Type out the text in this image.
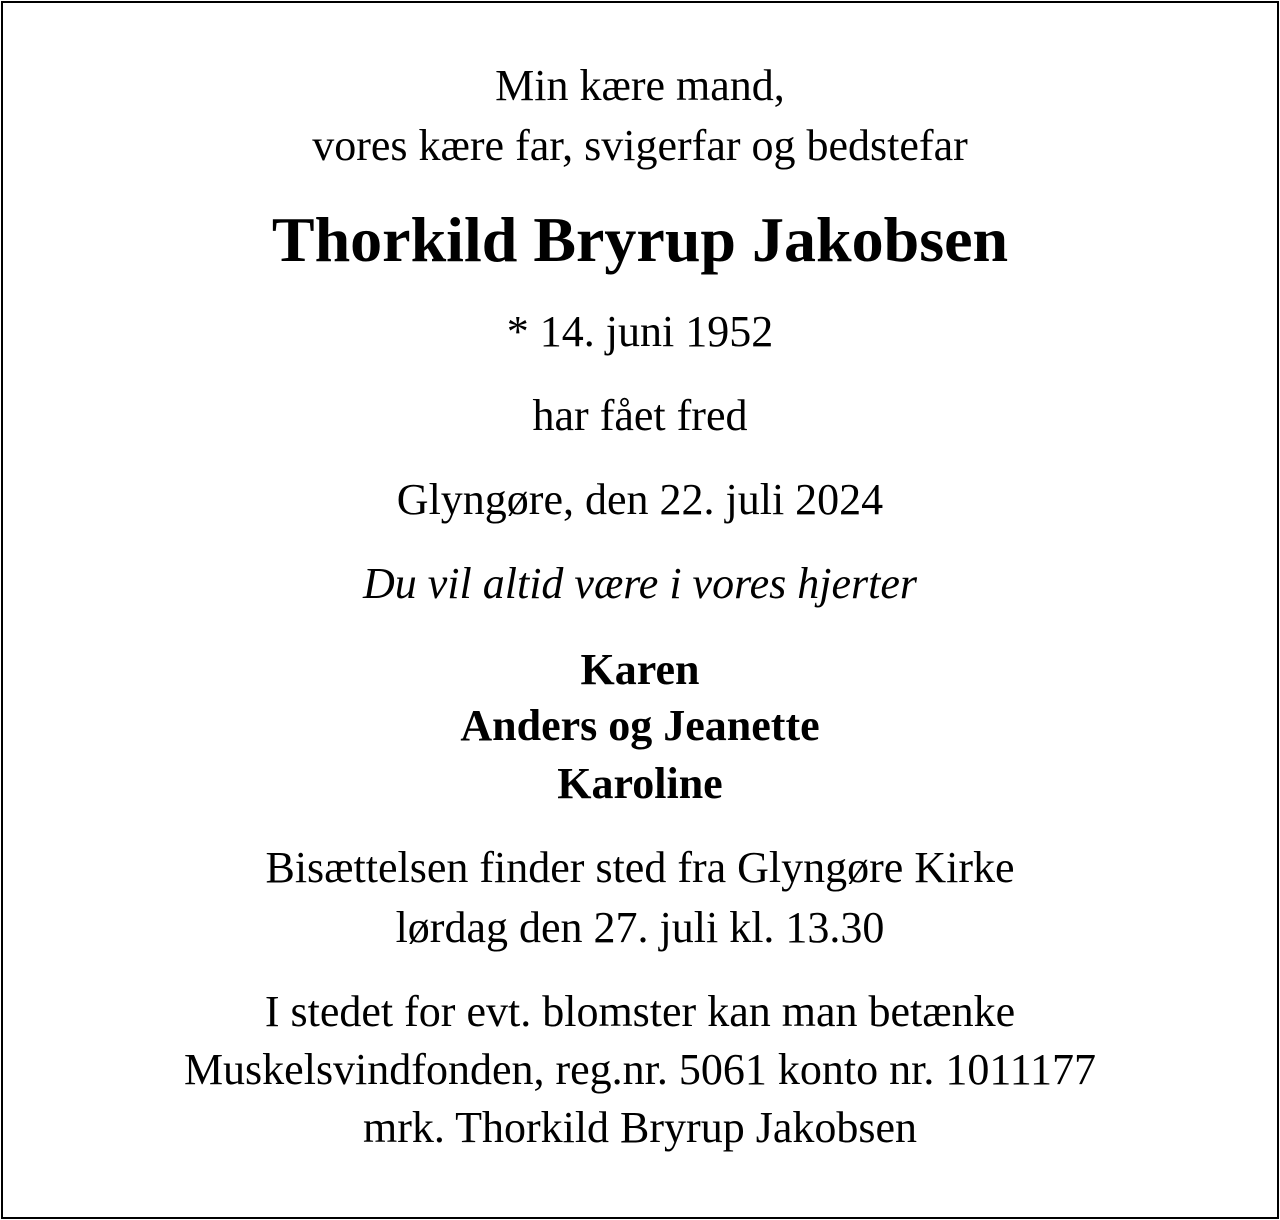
Min kære mand,
vores kære far, svigerfar og bedstefar
Thorkild Bryrup Jakobsen
* 14. juni 1952
har fået fred
Glyngøre, den 22. juli 2024
Du vil altid være i vores hjerter
Karen
Anders og Jeanette
Karoline
Bisættelsen finder sted fra Glyngøre Kirke
lørdag den 27. juli kl. 13.30
I stedet for evt. blomster kan man betænke
Muskelsvindfonden, reg.nr. 5061 konto nr. 1011177
mrk. Thorkild Bryrup Jakobsen
